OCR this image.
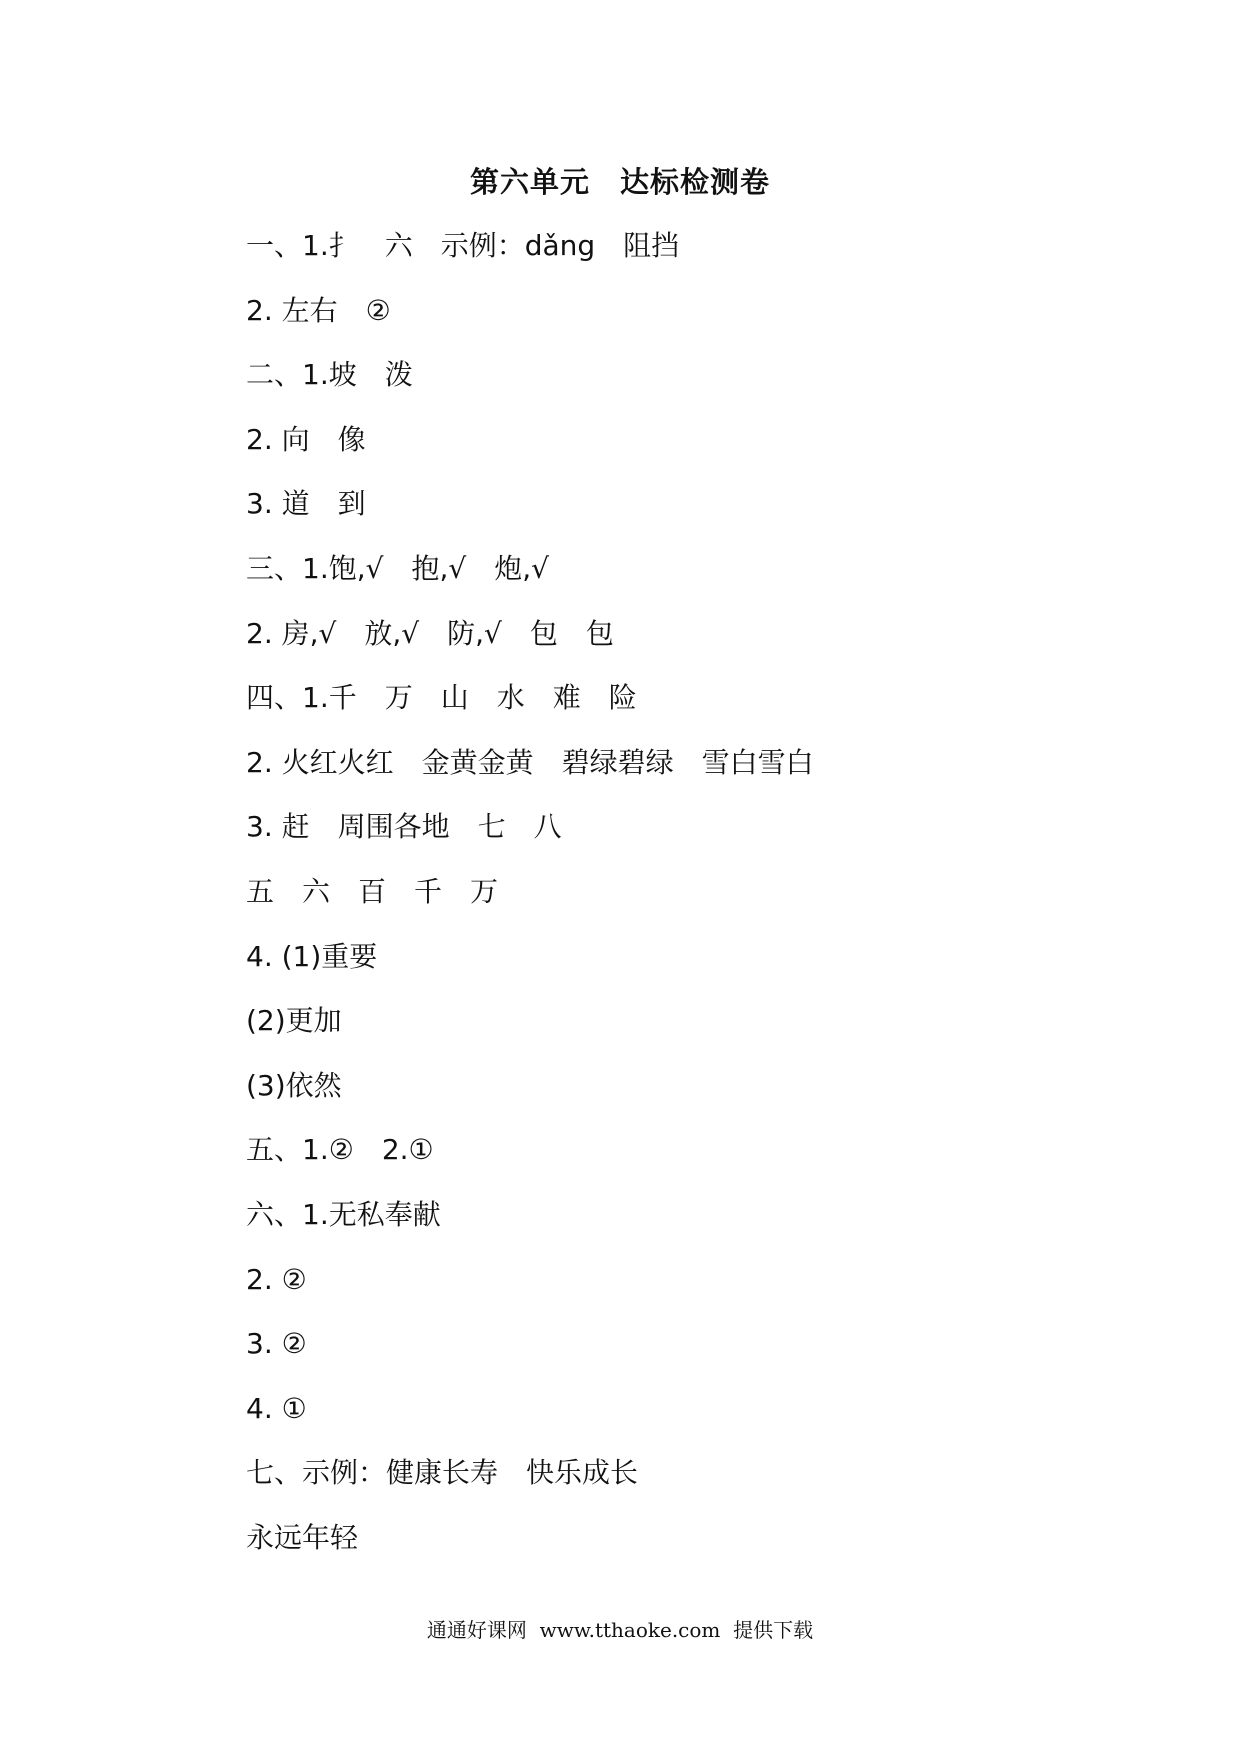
第六单元　达标检测卷
一、1.扌　六　示例：dǎng　阻挡
2. 左右　②
二、1.坡　泼
2. 向　像
3. 道　到
三、1.饱,√　抱,√　炮,√
2. 房,√　放,√　防,√　包　包
四、1.千　万　山　水　难　险
2. 火红火红　金黄金黄　碧绿碧绿　雪白雪白
3. 赶　周围各地　七　八
五　六　百　千　万
4. (1)重要
(2)更加
(3)依然
五、1.②　2.①
六、1.无私奉献
2. ②
3. ②
4. ①
七、示例：健康长寿　快乐成长
永远年轻
通通好课网  www.tthaoke.com  提供下载
